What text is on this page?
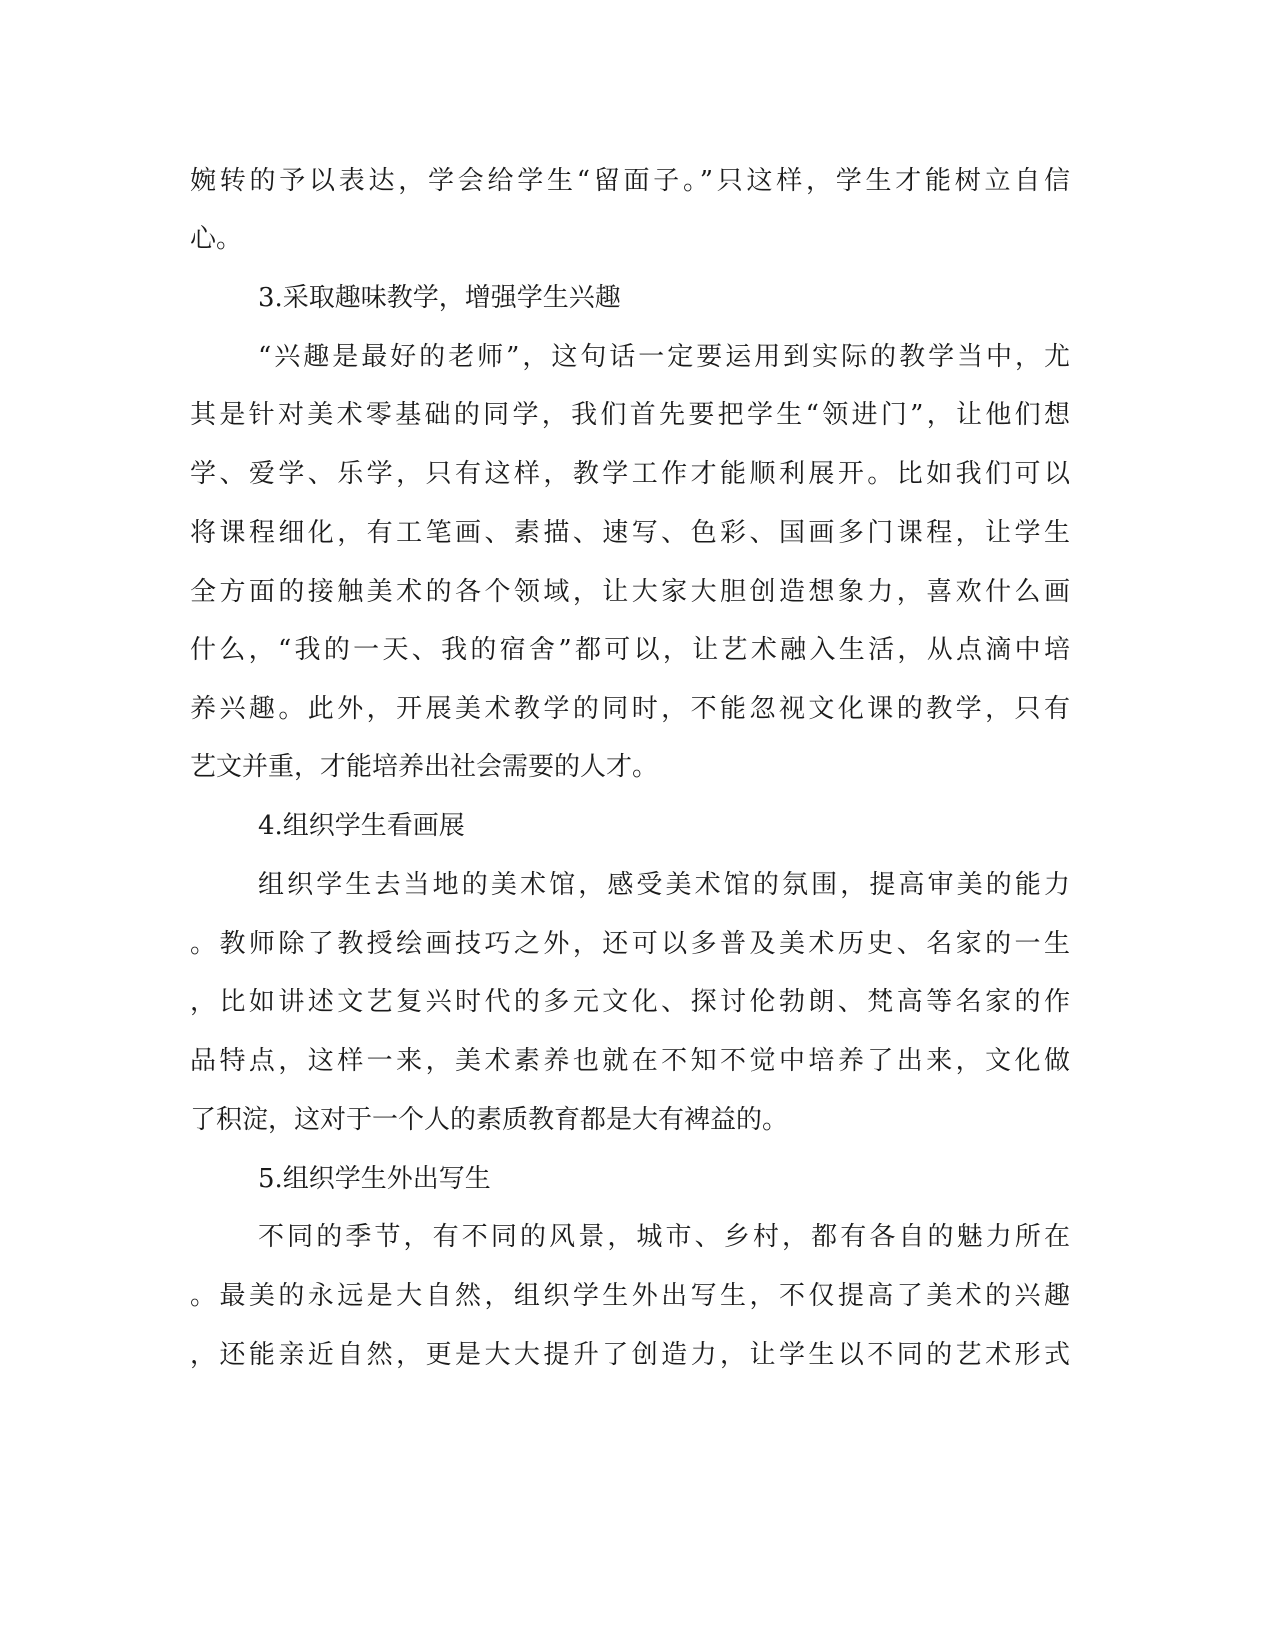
婉转的予以表达，学会给学生“留面子。”只这样，学生才能树立自信
心。
3.采取趣味教学，增强学生兴趣
“兴趣是最好的老师”，这句话一定要运用到实际的教学当中，尤
其是针对美术零基础的同学，我们首先要把学生“领进门”，让他们想
学、爱学、乐学，只有这样，教学工作才能顺利展开。比如我们可以
将课程细化，有工笔画、素描、速写、色彩、国画多门课程，让学生
全方面的接触美术的各个领域，让大家大胆创造想象力，喜欢什么画
什么，“我的一天、我的宿舍”都可以，让艺术融入生活，从点滴中培
养兴趣。此外，开展美术教学的同时，不能忽视文化课的教学，只有
艺文并重，才能培养出社会需要的人才。
4.组织学生看画展
组织学生去当地的美术馆，感受美术馆的氛围，提高审美的能力
。教师除了教授绘画技巧之外，还可以多普及美术历史、名家的一生
，比如讲述文艺复兴时代的多元文化、探讨伦勃朗、梵高等名家的作
品特点，这样一来，美术素养也就在不知不觉中培养了出来，文化做
了积淀，这对于一个人的素质教育都是大有裨益的。
5.组织学生外出写生
不同的季节，有不同的风景，城市、乡村，都有各自的魅力所在
。最美的永远是大自然，组织学生外出写生，不仅提高了美术的兴趣
，还能亲近自然，更是大大提升了创造力，让学生以不同的艺术形式
